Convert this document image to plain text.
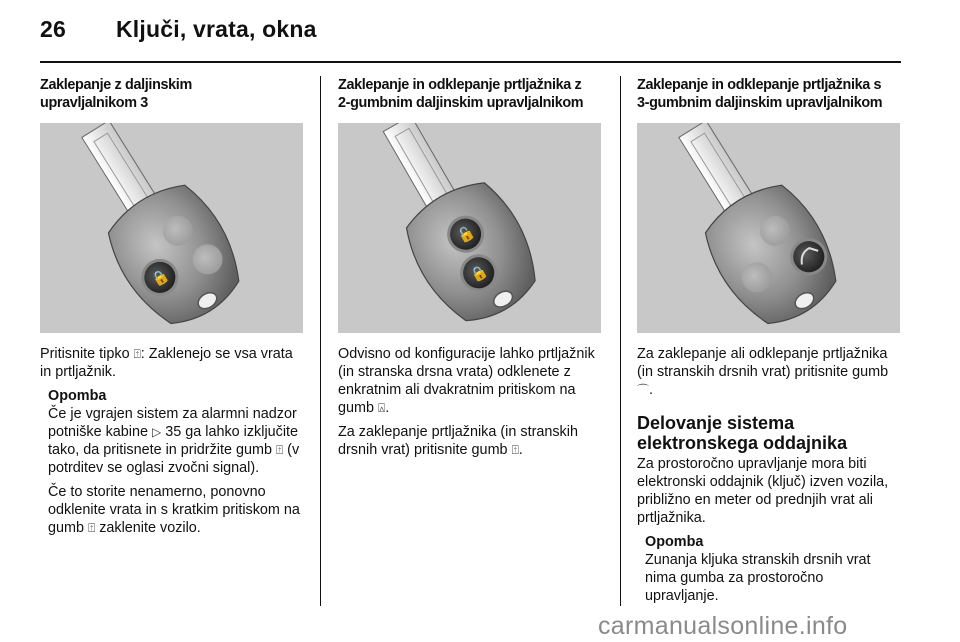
26 Ključi, vrata, okna
Zaklepanje z daljinskim
upravljalnikom 3
🔒

Pritisnite tipko ⍐: Zaklenejo se vsa vrata in prtljažnik.

Opomba

Če je vgrajen sistem za alarmni nadzor potniške kabine ▷ 35 ga lahko izključite tako, da pritisnete in pridržite gumb ⍐ (v potrditev se oglasi zvočni signal).

Če to storite nenamerno, ponovno odklenite vrata in s kratkim pritiskom na gumb ⍐ zaklenite vozilo.

Zaklepanje in odklepanje prtljažnika z
2-gumbnim daljinskim upravljalnikom
🔓
🔒

Odvisno od konfiguracije lahko prtljažnik (in stranska drsna vrata) odklenete z enkratnim ali dvakratnim pritiskom na gumb ⍓.

Za zaklepanje prtljažnika (in stranskih drsnih vrat) pritisnite gumb ⍐.

Zaklepanje in odklepanje prtljažnika s
3-gumbnim daljinskim upravljalnikom

Za zaklepanje ali odklepanje prtljažnika (in stranskih drsnih vrat) pritisnite gumb ⌒.

Delovanje sistema elektronskega oddajnika

Za prostoročno upravljanje mora biti elektronski oddajnik (ključ) izven vozila, približno en meter od prednjih vrat ali prtljažnika.

Opomba

Zunanja kljuka stranskih drsnih vrat nima gumba za prostoročno upravljanje.

carmanualsonline.info
